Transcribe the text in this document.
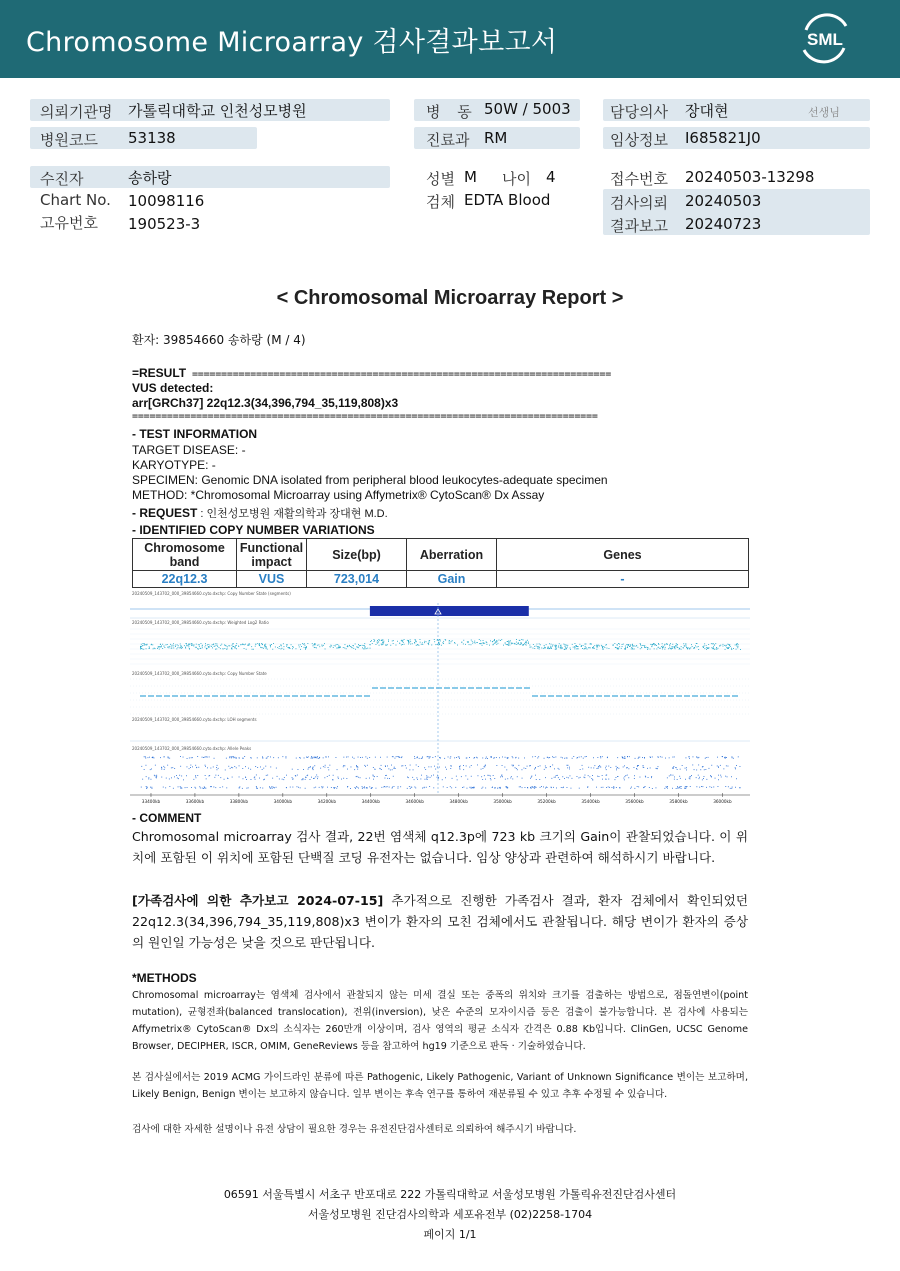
Chromosome Microarray 검사결과보고서	SML
의뢰기관명 가톨릭대학교 인천성모병원
병원코드 53138
수진자	송하랑
Chart No. 10098116
고유번호 190523-3
병 동 50W / 5003
진료과 RM
성별 M 나이 4
검체 EDTA Blood
담당의사 장대현	선생님
임상정보 I685821J0
접수번호 20240503-13298
검사의뢰 20240503
결과보고 20240723
< Chromosomal Microarray Report >
환자: 39854660 송하랑 (M / 4)
=RESULT ========================================================================
VUS detected:
arr[GRCh37] 22q12.3(34,396,794_35,119,808)x3
================================================================================
- TEST INFORMATION
TARGET DISEASE: -
KARYOTYPE: -
SPECIMEN: Genomic DNA isolated from peripheral blood leukocytes-adequate specimen
METHOD: *Chromosomal Microarray using Affymetrix® CytoScan® Dx Assay
- REQUEST : 인천성모병원 재활의학과 장대현 M.D.
- IDENTIFIED COPY NUMBER VARIATIONS
Chromosome band	Functional impact	Size(bp)	Aberration	Genes
22q12.3	VUS	723,014	Gain	-
20240509_143702_000_39854660.cyto.dxchp: Copy Number State (segments)
20240509_143702_000_39854660.cyto.dxchp: Weighted Log2 Ratio
20240509_143702_000_39854660.cyto.dxchp: Copy Number State
20240509_143702_000_39854660.cyto.dxchp: LOH segments
20240509_143702_000_39854660.cyto.dxchp: Allele Peaks
33400kb	33600kb	33800kb	34000kb	34200kb	34400kb	34600kb	34800kb	35000kb	35200kb	35400kb	35600kb	35800kb	36000kb
- COMMENT
Chromosomal microarray 검사 결과, 22번 염색체 q12.3p에 723 kb 크기의 Gain이 관찰되었습니다. 이 위치에 포함된 이 위치에 포함된 단백질 코딩 유전자는 없습니다. 임상 양상과 관련하여 해석하시기 바랍니다.
[가족검사에 의한 추가보고 2024-07-15] 추가적으로 진행한 가족검사 결과, 환자 검체에서 확인되었던 22q12.3(34,396,794_35,119,808)x3 변이가 환자의 모친 검체에서도 관찰됩니다. 해당 변이가 환자의 증상의 원인일 가능성은 낮을 것으로 판단됩니다.
*METHODS
Chromosomal microarray는 염색체 검사에서 관찰되지 않는 미세 결실 또는 중폭의 위치와 크기를 검출하는 방법으로, 점돌연변이(point mutation), 균형전좌(balanced translocation), 전위(inversion), 낮은 수준의 모자이시즘 등은 검출이 불가능합니다. 본 검사에 사용되는 Affymetrix® CytoScan® Dx의 소식자는 260만개 이상이며, 검사 영역의 평균 소식자 간격은 0.88 Kb입니다. ClinGen, UCSC Genome Browser, DECIPHER, ISCR, OMIM, GeneReviews 등을 참고하여 hg19 기준으로 판독 · 기술하였습니다.
본 검사실에서는 2019 ACMG 가이드라인 분류에 따른 Pathogenic, Likely Pathogenic, Variant of Unknown Significance 변이는 보고하며, Likely Benign, Benign 변이는 보고하지 않습니다. 일부 변이는 후속 연구를 통하여 재분류될 수 있고 추후 수정될 수 있습니다.
검사에 대한 자세한 설명이나 유전 상담이 필요한 경우는 유전진단검사센터로 의뢰하여 해주시기 바랍니다.
06591 서울특별시 서초구 반포대로 222 가톨릭대학교 서울성모병원 가톨릭유전진단검사센터
서울성모병원 진단검사의학과 세포유전부 (02)2258-1704
페이지 1/1
